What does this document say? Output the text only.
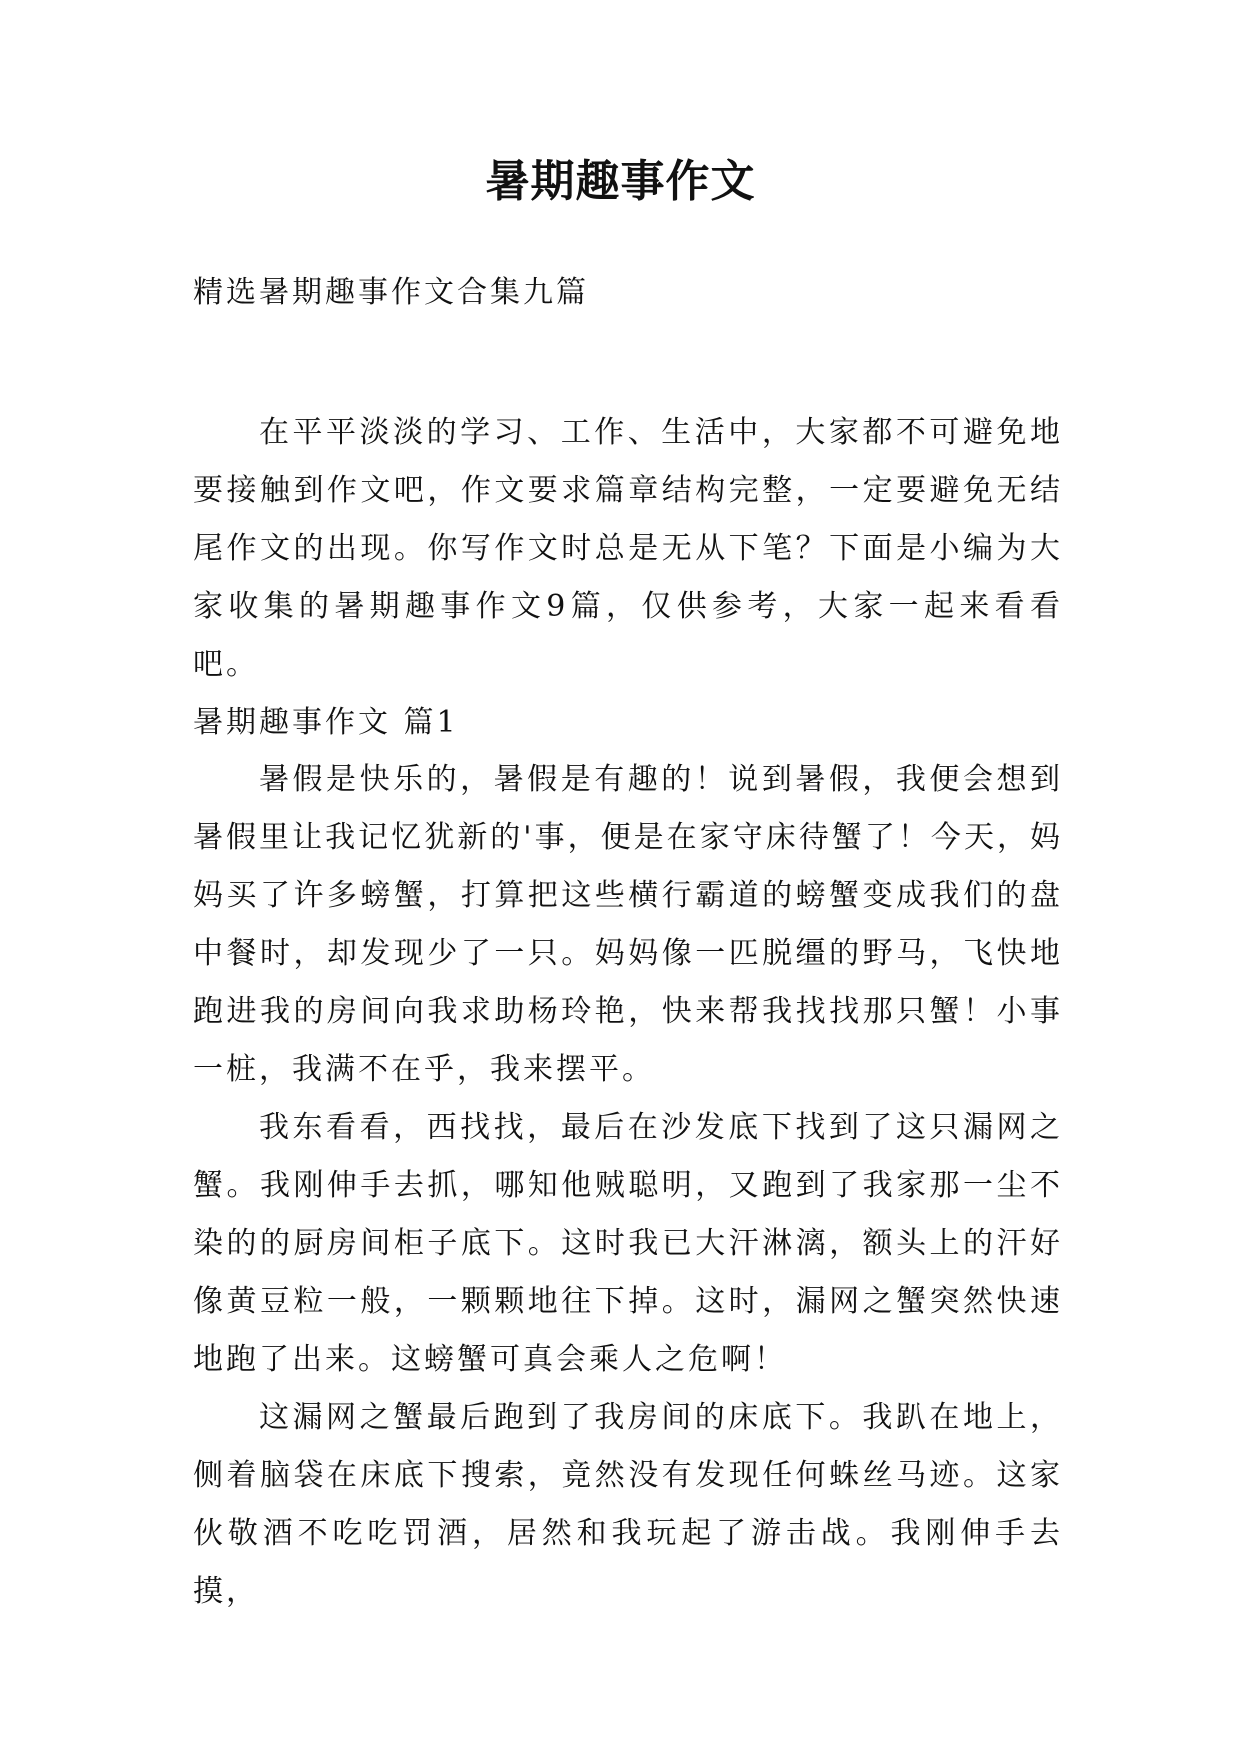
暑期趣事作文
精选暑期趣事作文合集九篇
在平平淡淡的学习、工作、生活中，大家都不可避免地要接触到作文吧，作文要求篇章结构完整，一定要避免无结尾作文的出现。你写作文时总是无从下笔？下面是小编为大家收集的暑期趣事作文9篇，仅供参考，大家一起来看看吧。
暑期趣事作文 篇1

暑假是快乐的，暑假是有趣的！说到暑假，我便会想到暑假里让我记忆犹新的'事，便是在家守床待蟹了！今天，妈妈买了许多螃蟹，打算把这些横行霸道的螃蟹变成我们的盘中餐时，却发现少了一只。妈妈像一匹脱缰的野马，飞快地跑进我的房间向我求助杨玲艳，快来帮我找找那只蟹！小事一桩，我满不在乎，我来摆平。

我东看看，西找找，最后在沙发底下找到了这只漏网之蟹。我刚伸手去抓，哪知他贼聪明，又跑到了我家那一尘不染的的厨房间柜子底下。这时我已大汗淋漓，额头上的汗好像黄豆粒一般，一颗颗地往下掉。这时，漏网之蟹突然快速地跑了出来。这螃蟹可真会乘人之危啊！

这漏网之蟹最后跑到了我房间的床底下。我趴在地上，侧着脑袋在床底下搜索，竟然没有发现任何蛛丝马迹。这家伙敬酒不吃吃罚酒，居然和我玩起了游击战。我刚伸手去摸，
